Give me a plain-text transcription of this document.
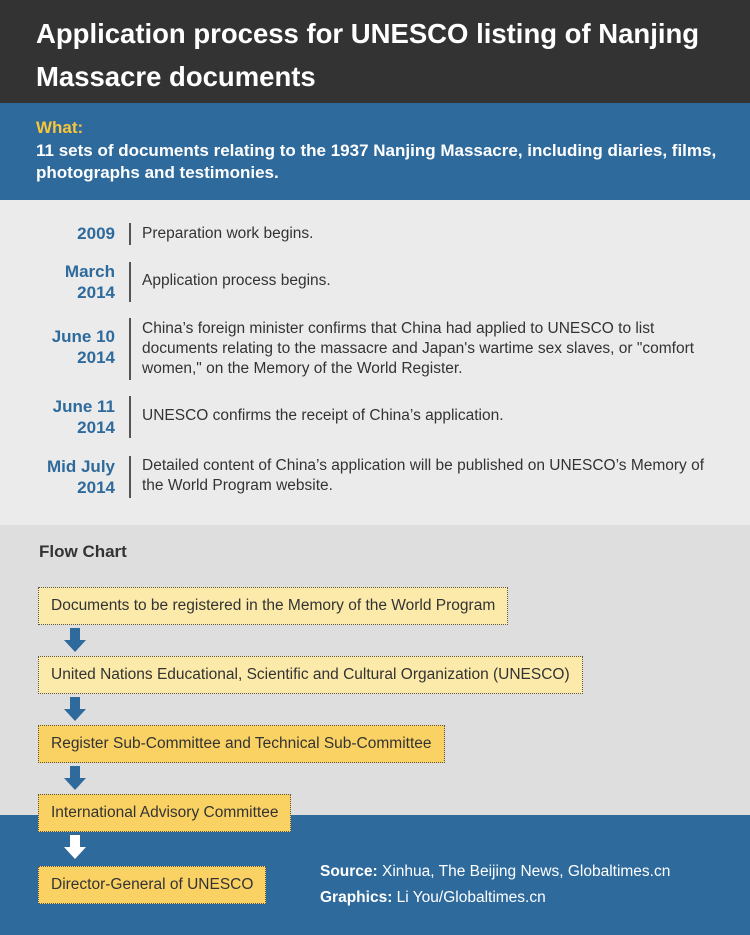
Application process for UNESCO listing of Nanjing Massacre documents
What:
11 sets of documents relating to the 1937 Nanjing Massacre, including diaries, films, photographs and testimonies.
2009 Preparation work begins.
March
2014
Application process begins.
June 10
2014
China’s foreign minister confirms that China had applied to UNESCO to list documents relating to the massacre and Japan's wartime sex slaves, or "comfort women," on the Memory of the World Register.
June 11
2014
UNESCO confirms the receipt of China’s application.
Mid July
2014
Detailed content of China’s application will be published on UNESCO’s Memory of the World Program website.
Flow Chart
Documents to be registered in the Memory of the World Program
United Nations Educational, Scientific and Cultural Organization (UNESCO)
Register Sub-Committee and Technical Sub-Committee
International Advisory Committee
Director-General of UNESCO
Source: Xinhua, The Beijing News, Globaltimes.cn
Graphics: Li You/Globaltimes.cn
